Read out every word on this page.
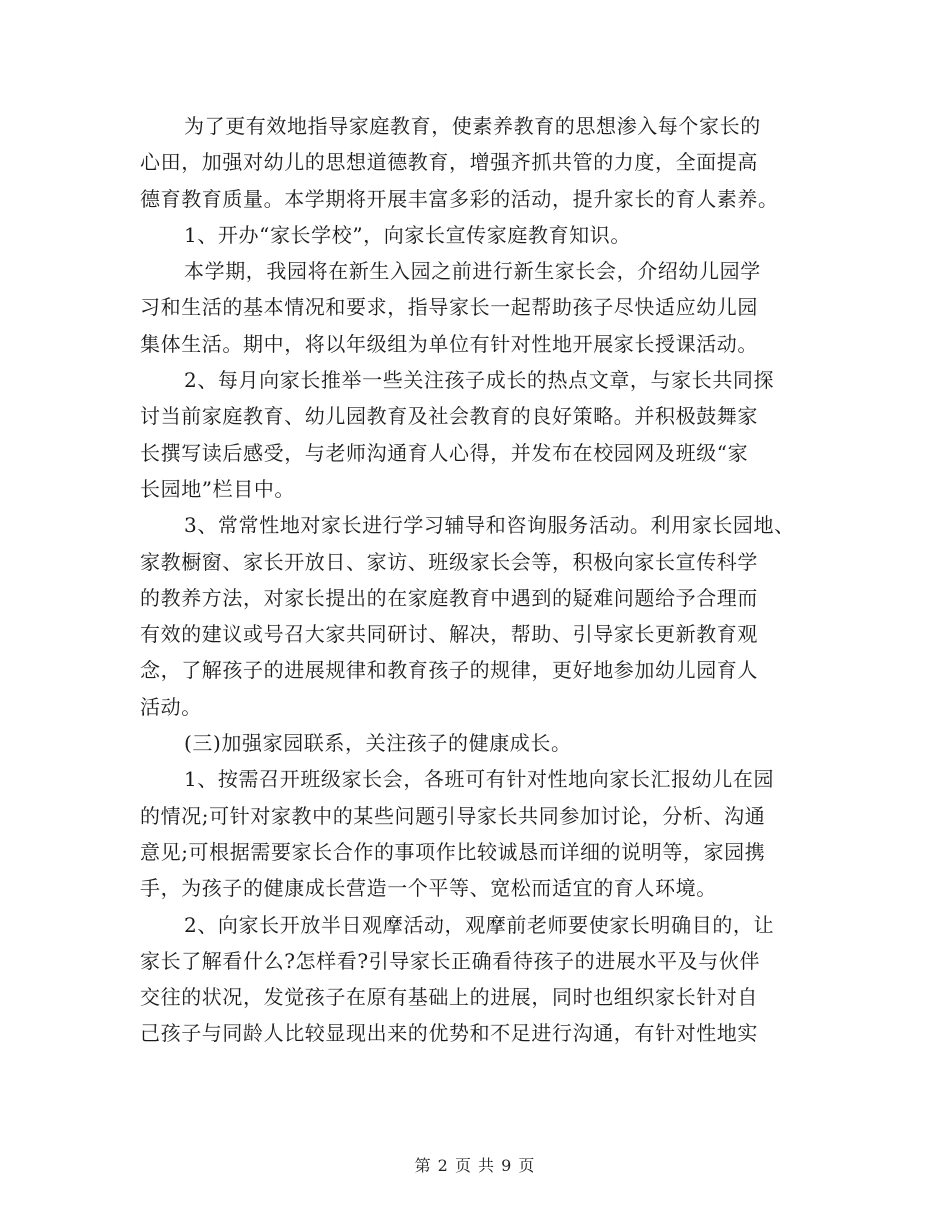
为了更有效地指导家庭教育，使素养教育的思想渗入每个家长的
心田，加强对幼儿的思想道德教育，增强齐抓共管的力度，全面提高
德育教育质量。本学期将开展丰富多彩的活动，提升家长的育人素养。
1、开办“家长学校”，向家长宣传家庭教育知识。
本学期，我园将在新生入园之前进行新生家长会，介绍幼儿园学
习和生活的基本情况和要求，指导家长一起帮助孩子尽快适应幼儿园
集体生活。期中，将以年级组为单位有针对性地开展家长授课活动。
2、每月向家长推举一些关注孩子成长的热点文章，与家长共同探
讨当前家庭教育、幼儿园教育及社会教育的良好策略。并积极鼓舞家
长撰写读后感受，与老师沟通育人心得，并发布在校园网及班级“家
长园地”栏目中。
3、常常性地对家长进行学习辅导和咨询服务活动。利用家长园地、
家教橱窗、家长开放日、家访、班级家长会等，积极向家长宣传科学
的教养方法，对家长提出的在家庭教育中遇到的疑难问题给予合理而
有效的建议或号召大家共同研讨、解决，帮助、引导家长更新教育观
念，了解孩子的进展规律和教育孩子的规律，更好地参加幼儿园育人
活动。
(三)加强家园联系，关注孩子的健康成长。
1、按需召开班级家长会，各班可有针对性地向家长汇报幼儿在园
的情况;可针对家教中的某些问题引导家长共同参加讨论，分析、沟通
意见;可根据需要家长合作的事项作比较诚恳而详细的说明等，家园携
手，为孩子的健康成长营造一个平等、宽松而适宜的育人环境。
2、向家长开放半日观摩活动，观摩前老师要使家长明确目的，让
家长了解看什么?怎样看?引导家长正确看待孩子的进展水平及与伙伴
交往的状况，发觉孩子在原有基础上的进展，同时也组织家长针对自
己孩子与同龄人比较显现出来的优势和不足进行沟通，有针对性地实
第 2 页 共 9 页
